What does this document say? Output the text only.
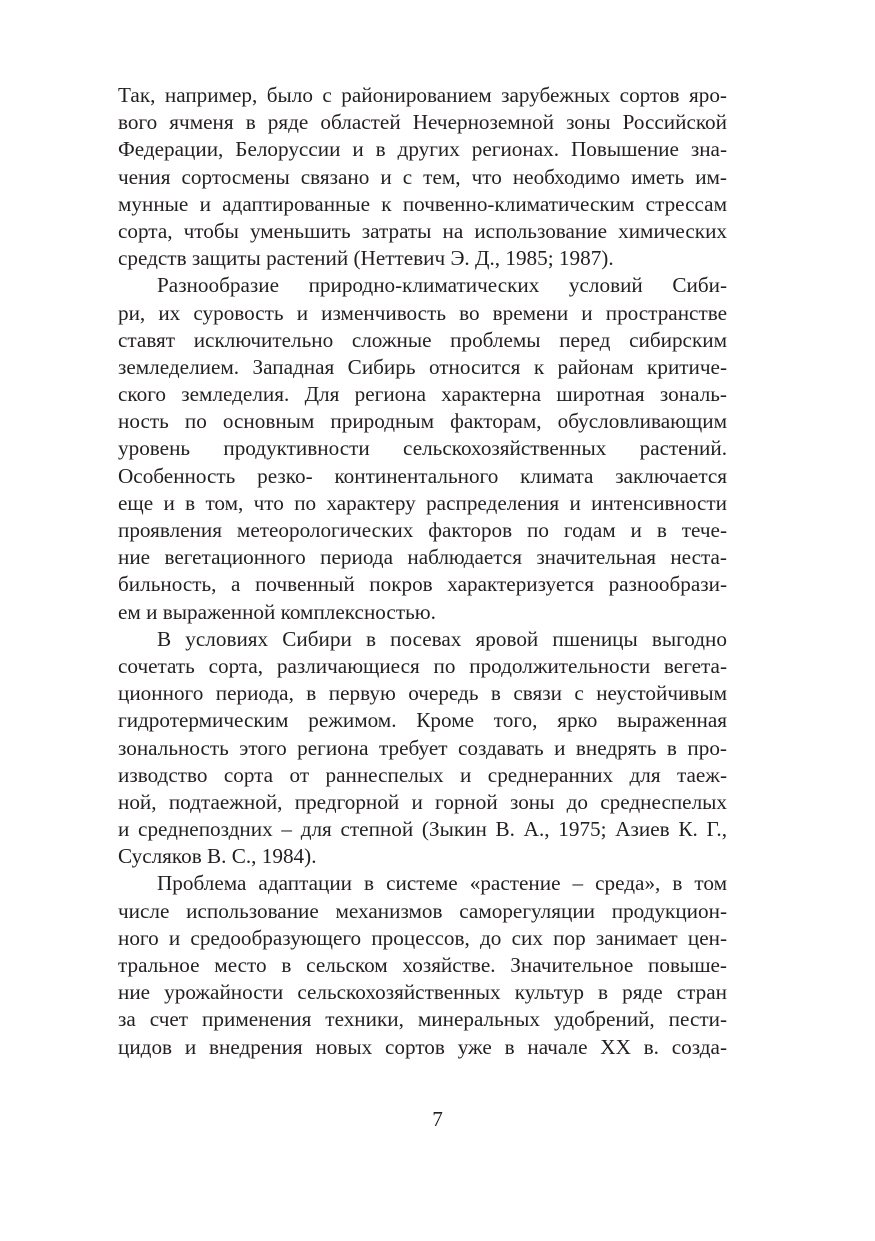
Так, например, было с районированием зарубежных сортов яро-
вого ячменя в ряде областей Нечерноземной зоны Российской
Федерации, Белоруссии и в других регионах. Повышение зна-
чения сортосмены связано и с тем, что необходимо иметь им-
мунные и адаптированные к почвенно-климатическим стрессам
сорта, чтобы уменьшить затраты на использование химических
средств защиты растений (Неттевич Э. Д., 1985; 1987).
Разнообразие природно-климатических условий Сиби-
ри, их суровость и изменчивость во времени и пространстве
ставят исключительно сложные проблемы перед сибирским
земледелием. Западная Сибирь относится к районам критиче-
ского земледелия. Для региона характерна широтная зональ-
ность по основным природным факторам, обусловливающим
уровень продуктивности сельскохозяйственных растений.
Особенность резко- континентального климата заключается
еще и в том, что по характеру распределения и интенсивности
проявления метеорологических факторов по годам и в тече-
ние вегетационного периода наблюдается значительная неста-
бильность, а почвенный покров характеризуется разнообрази-
ем и выраженной комплексностью.
В условиях Сибири в посевах яровой пшеницы выгодно
сочетать сорта, различающиеся по продолжительности вегета-
ционного периода, в первую очередь в связи с неустойчивым
гидротермическим режимом. Кроме того, ярко выраженная
зональность этого региона требует создавать и внедрять в про-
изводство сорта от раннеспелых и среднеранних для таеж-
ной, подтаежной, предгорной и горной зоны до среднеспелых
и среднепоздних – для степной (Зыкин В. А., 1975; Азиев К. Г.,
Сусляков В. С., 1984).
Проблема адаптации в системе «растение – среда», в том
числе использование механизмов саморегуляции продукцион-
ного и средообразующего процессов, до сих пор занимает цен-
тральное место в сельском хозяйстве. Значительное повыше-
ние урожайности сельскохозяйственных культур в ряде стран
за счет применения техники, минеральных удобрений, пести-
цидов и внедрения новых сортов уже в начале XX в. созда-
7
